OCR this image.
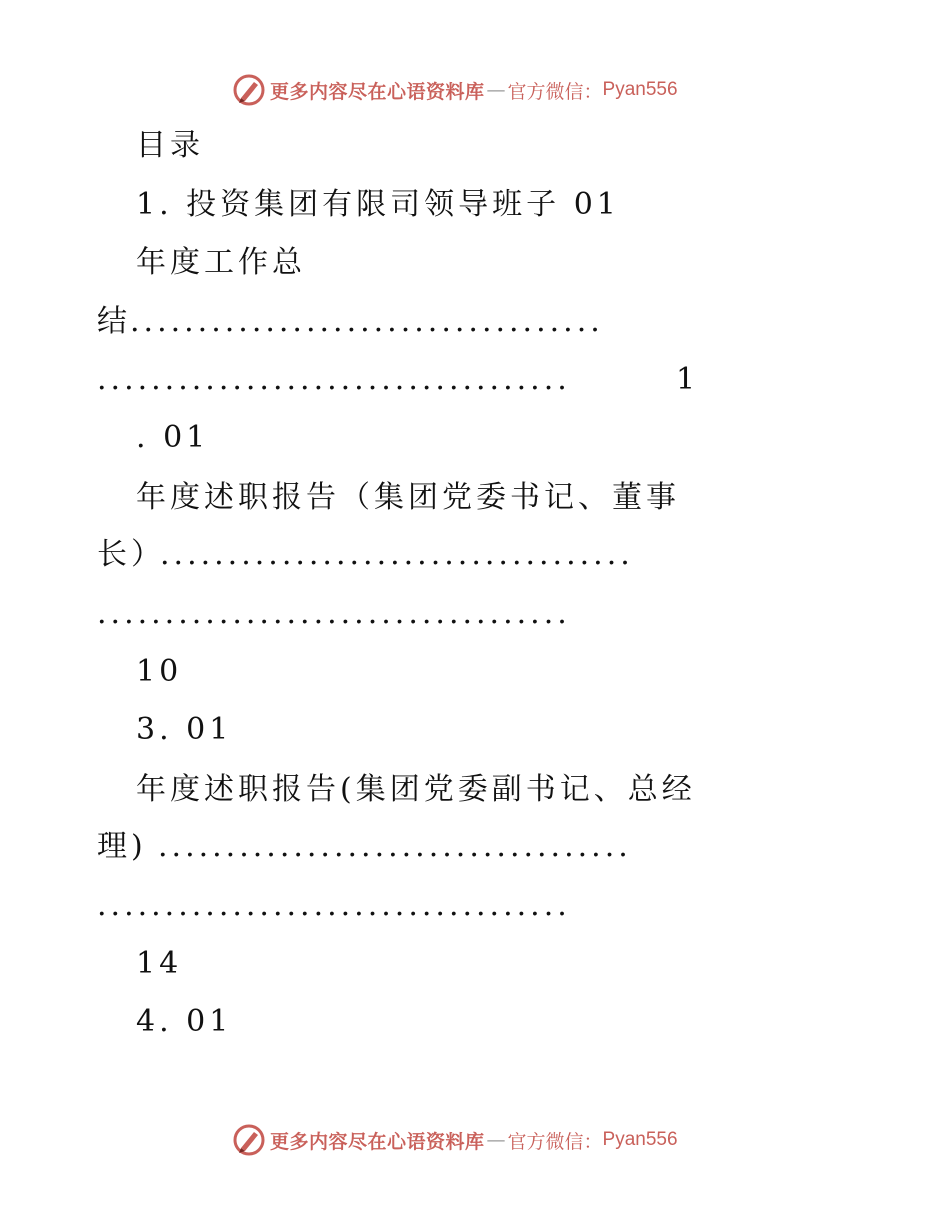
更多内容尽在心语资料库 — 官方微信： Pyan556
目录
1. 投资集团有限司领导班子 01
年度工作总
结 ...................................
...................................	1
. 01
年度述职报告（集团党委书记、董事
长）
...................................
...................................
10
3. 01
年度述职报告(集团党委副书记、总经
理) ...................................
...................................
14
4. 01
更多内容尽在心语资料库 — 官方微信： Pyan556
